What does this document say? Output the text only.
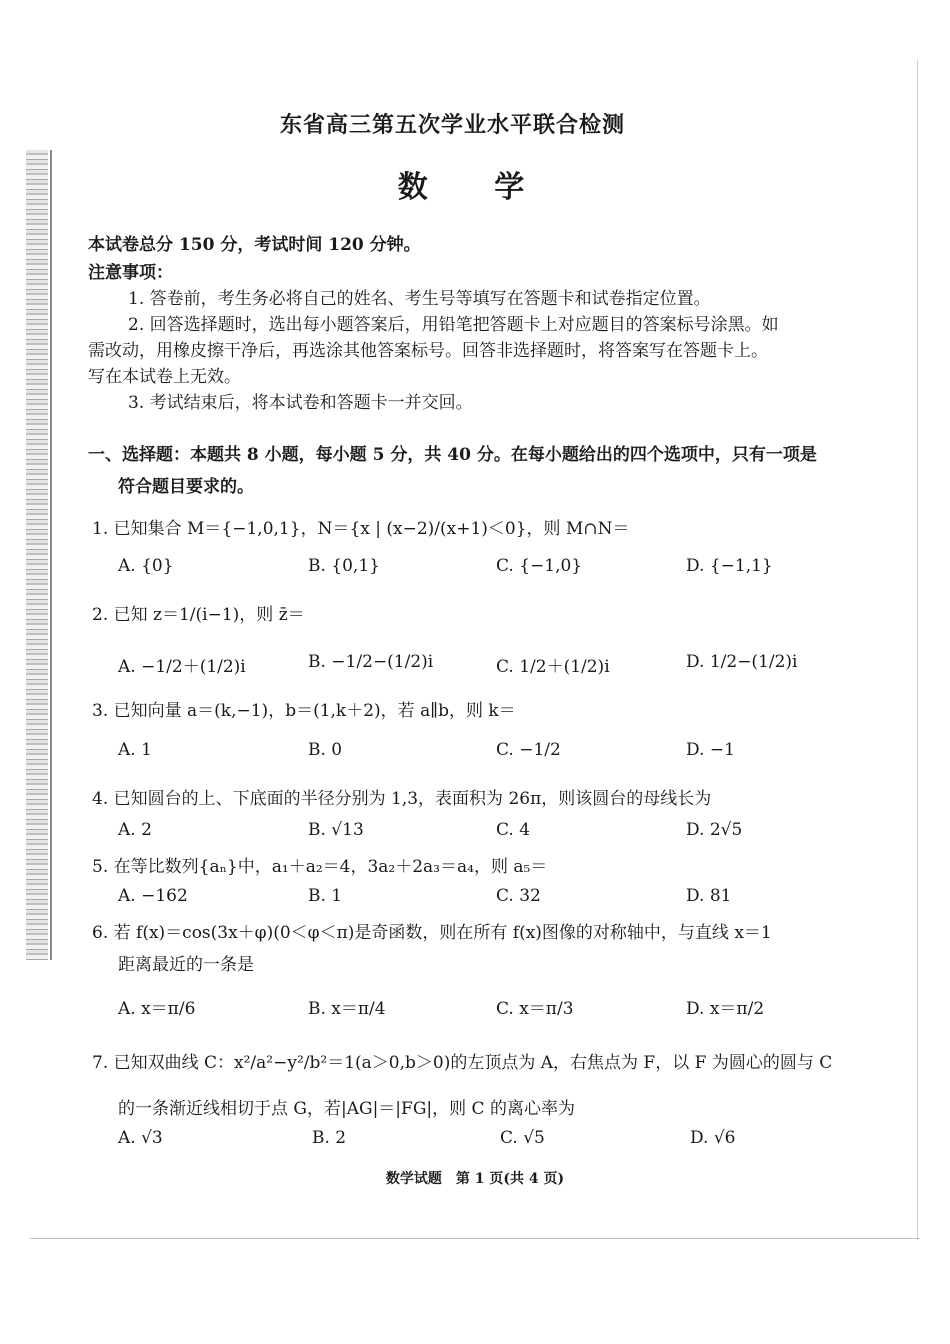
东省高三第五次学业水平联合检测
数 学
本试卷总分 150 分，考试时间 120 分钟。
注意事项：
1. 答卷前，考生务必将自己的姓名、考生号等填写在答题卡和试卷指定位置。
2. 回答选择题时，选出每小题答案后，用铅笔把答题卡上对应题目的答案标号涂黑。如
需改动，用橡皮擦干净后，再选涂其他答案标号。回答非选择题时，将答案写在答题卡上。
写在本试卷上无效。
3. 考试结束后，将本试卷和答题卡一并交回。
一、选择题：本题共 8 小题，每小题 5 分，共 40 分。在每小题给出的四个选项中，只有一项是
符合题目要求的。
1. 已知集合 M＝{−1,0,1}，N＝{x | (x−2)/(x+1)＜0}，则 M∩N＝
A. {0}	B. {0,1}	C. {−1,0}	D. {−1,1}
2. 已知 z＝1/(i−1)，则 z̄＝
A. −1/2＋(1/2)i	B. −1/2−(1/2)i	C. 1/2＋(1/2)i	D. 1/2−(1/2)i
3. 已知向量 a＝(k,−1)，b＝(1,k＋2)，若 a∥b，则 k＝
A. 1	B. 0	C. −1/2	D. −1
4. 已知圆台的上、下底面的半径分别为 1,3，表面积为 26π，则该圆台的母线长为
A. 2	B. √13	C. 4	D. 2√5
5. 在等比数列{aₙ}中，a₁＋a₂＝4，3a₂＋2a₃＝a₄，则 a₅＝
A. −162	B. 1	C. 32	D. 81
6. 若 f(x)＝cos(3x＋φ)(0＜φ＜π)是奇函数，则在所有 f(x)图像的对称轴中，与直线 x＝1
距离最近的一条是
A. x＝π/6	B. x＝π/4	C. x＝π/3	D. x＝π/2
7. 已知双曲线 C：x²/a²−y²/b²＝1(a＞0,b＞0)的左顶点为 A，右焦点为 F，以 F 为圆心的圆与 C
的一条渐近线相切于点 G，若|AG|＝|FG|，则 C 的离心率为
A. √3	B. 2	C. √5	D. √6
数学试题　第 1 页(共 4 页)
